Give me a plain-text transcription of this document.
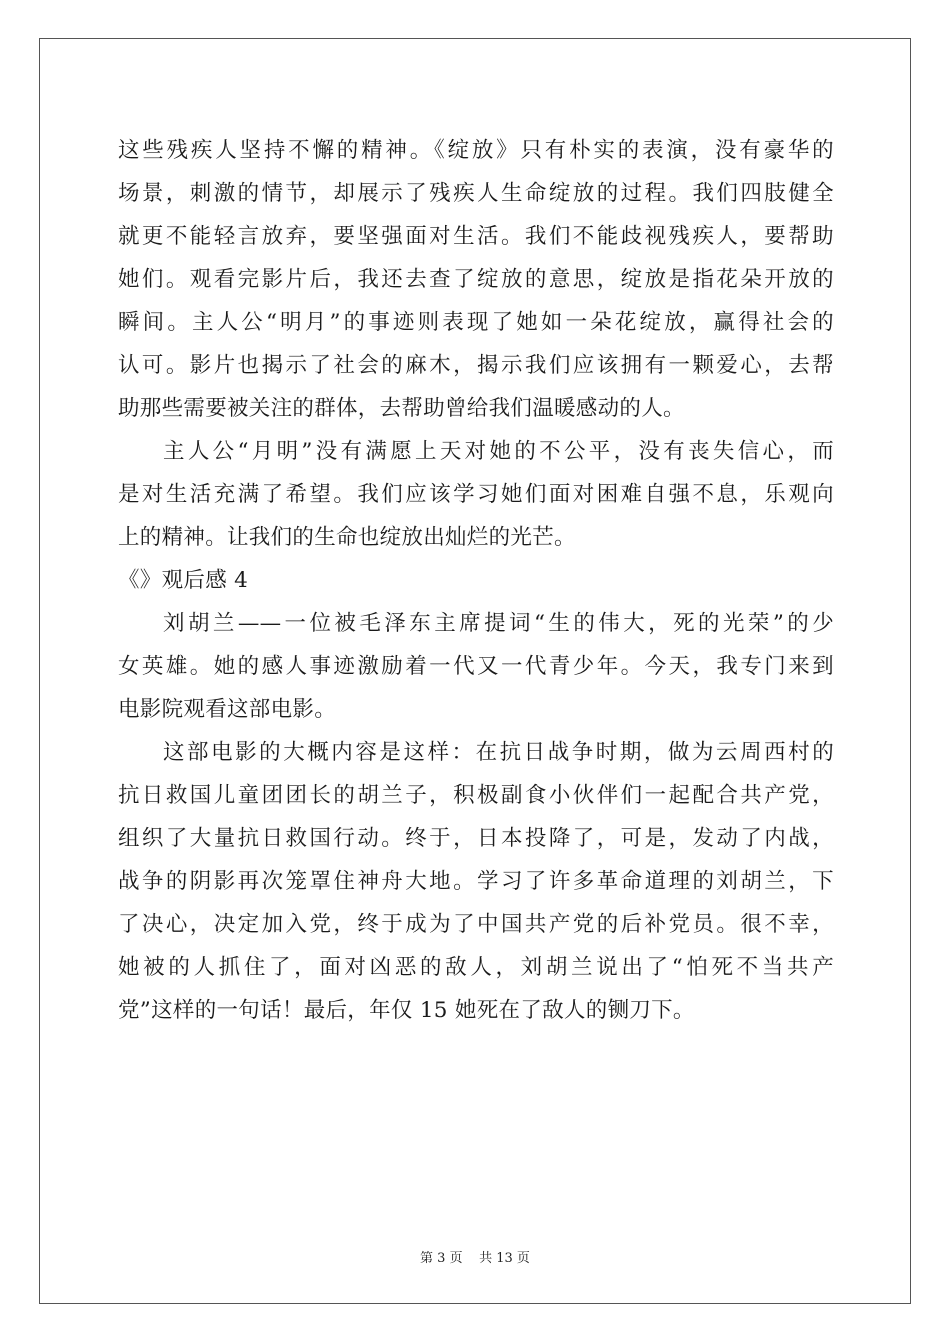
这些残疾人坚持不懈的精神。《绽放》只有朴实的表演，没有豪华的
场景，刺激的情节，却展示了残疾人生命绽放的过程。我们四肢健全
就更不能轻言放弃，要坚强面对生活。我们不能歧视残疾人，要帮助
她们。观看完影片后，我还去查了绽放的意思，绽放是指花朵开放的
瞬间。主人公“明月”的事迹则表现了她如一朵花绽放，赢得社会的
认可。影片也揭示了社会的麻木，揭示我们应该拥有一颗爱心，去帮
助那些需要被关注的群体，去帮助曾给我们温暖感动的人。
主人公“月明”没有满愿上天对她的不公平，没有丧失信心，而
是对生活充满了希望。我们应该学习她们面对困难自强不息，乐观向
上的精神。让我们的生命也绽放出灿烂的光芒。
《》观后感 4
刘胡兰——一位被毛泽东主席提词“生的伟大，死的光荣”的少
女英雄。她的感人事迹激励着一代又一代青少年。今天，我专门来到
电影院观看这部电影。
这部电影的大概内容是这样：在抗日战争时期，做为云周西村的
抗日救国儿童团团长的胡兰子，积极副食小伙伴们一起配合共产党，
组织了大量抗日救国行动。终于，日本投降了，可是，发动了内战，
战争的阴影再次笼罩住神舟大地。学习了许多革命道理的刘胡兰，下
了决心，决定加入党，终于成为了中国共产党的后补党员。很不幸，
她被的人抓住了，面对凶恶的敌人，刘胡兰说出了“怕死不当共产
党”这样的一句话！最后，年仅 15 她死在了敌人的铡刀下。
第 3 页 共 13 页
